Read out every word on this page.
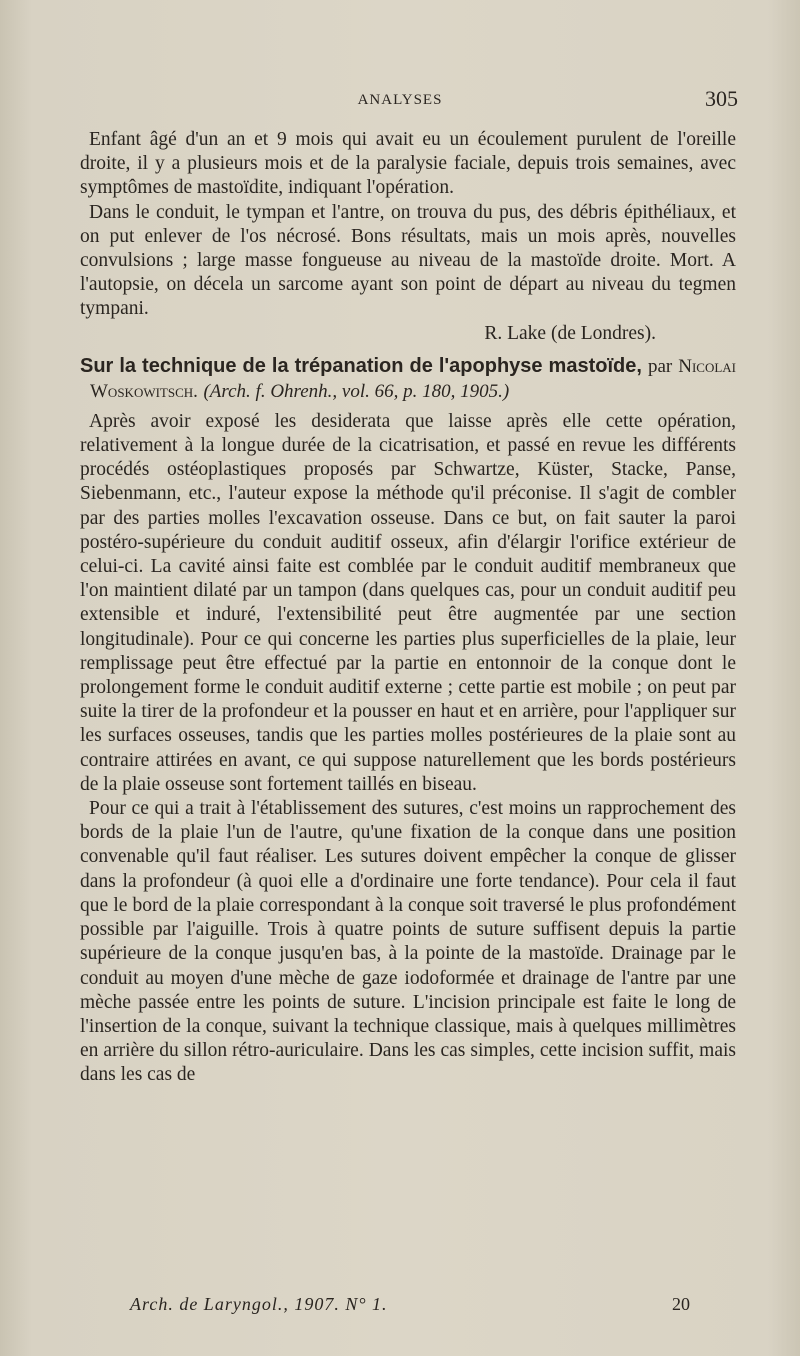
ANALYSES	305

Enfant âgé d'un an et 9 mois qui avait eu un écoulement purulent de l'oreille droite, il y a plusieurs mois et de la paralysie faciale, depuis trois semaines, avec symptômes de mastoïdite, indiquant l'opération.

Dans le conduit, le tympan et l'antre, on trouva du pus, des débris épithéliaux, et on put enlever de l'os nécrosé. Bons résultats, mais un mois après, nouvelles convulsions ; large masse fongueuse au niveau de la mastoïde droite. Mort. A l'autopsie, on décela un sarcome ayant son point de départ au niveau du tegmen tympani.

R. Lake (de Londres).

Sur la technique de la trépanation de l'apophyse mastoïde, par Nicolai Woskowitsch. (Arch. f. Ohrenh., vol. 66, p. 180, 1905.)

Après avoir exposé les desiderata que laisse après elle cette opération, relativement à la longue durée de la cicatrisation, et passé en revue les différents procédés ostéoplastiques proposés par Schwartze, Küster, Stacke, Panse, Siebenmann, etc., l'auteur expose la méthode qu'il préconise. Il s'agit de combler par des parties molles l'excavation osseuse. Dans ce but, on fait sauter la paroi postéro-supérieure du conduit auditif osseux, afin d'élargir l'orifice extérieur de celui-ci. La cavité ainsi faite est comblée par le conduit auditif membraneux que l'on maintient dilaté par un tampon (dans quelques cas, pour un conduit auditif peu extensible et induré, l'extensibilité peut être augmentée par une section longitudinale). Pour ce qui concerne les parties plus superficielles de la plaie, leur remplissage peut être effectué par la partie en entonnoir de la conque dont le prolongement forme le conduit auditif externe ; cette partie est mobile ; on peut par suite la tirer de la profondeur et la pousser en haut et en arrière, pour l'appliquer sur les surfaces osseuses, tandis que les parties molles postérieures de la plaie sont au contraire attirées en avant, ce qui suppose naturellement que les bords postérieurs de la plaie osseuse sont fortement taillés en biseau.

Pour ce qui a trait à l'établissement des sutures, c'est moins un rapprochement des bords de la plaie l'un de l'autre, qu'une fixation de la conque dans une position convenable qu'il faut réaliser. Les sutures doivent empêcher la conque de glisser dans la profondeur (à quoi elle a d'ordinaire une forte tendance). Pour cela il faut que le bord de la plaie correspondant à la conque soit traversé le plus profondément possible par l'aiguille. Trois à quatre points de suture suffisent depuis la partie supérieure de la conque jusqu'en bas, à la pointe de la mastoïde. Drainage par le conduit au moyen d'une mèche de gaze iodoformée et drainage de l'antre par une mèche passée entre les points de suture. L'incision principale est faite le long de l'insertion de la conque, suivant la technique classique, mais à quelques millimètres en arrière du sillon rétro-auriculaire. Dans les cas simples, cette incision suffit, mais dans les cas de

Arch. de Laryngol., 1907. N° 1.	20
